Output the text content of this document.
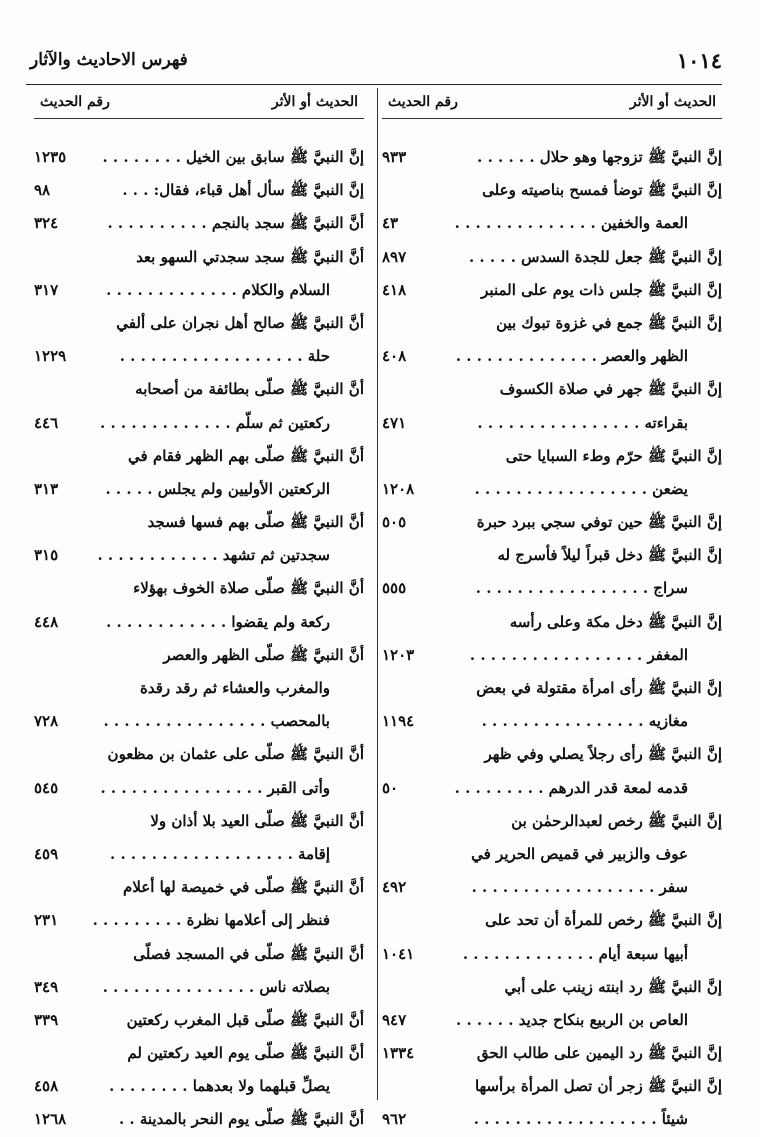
١٠١٤
فهرس الاحاديث والآثار
الحديث أو الأثر
رقم الحديث
إنَّ النبيَّ ﷺ تزوجها وهو حلال . . . . . .
٩٣٣
إنَّ النبيَّ ﷺ توضأ فمسح بناصيته وعلى
العمة والخفين . . . . . . . . . . . . . .
٤٣
إنَّ النبيَّ ﷺ جعل للجدة السدس . . . . .
٨٩٧
إنَّ النبيَّ ﷺ جلس ذات يوم على المنبر
٤١٨
إنَّ النبيَّ ﷺ جمع في غزوة تبوك بين
الظهر والعصر . . . . . . . . . . . . . .
٤٠٨
إنَّ النبيَّ ﷺ جهر في صلاة الكسوف
بقراءته . . . . . . . . . . . . . . . .
٤٧١
إنَّ النبيَّ ﷺ حرّم وطء السبايا حتى
يضعن . . . . . . . . . . . . . . . . .
١٢٠٨
إنَّ النبيَّ ﷺ حين توفي سجي ببرد حبرة
٥٠٥
إنَّ النبيَّ ﷺ دخل قبراً ليلاً فأسرج له
سراج . . . . . . . . . . . . . . . . .
٥٥٥
إنَّ النبيَّ ﷺ دخل مكة وعلى رأسه
المغفر . . . . . . . . . . . . . . . . .
١٢٠٣
إنَّ النبيَّ ﷺ رأى امرأة مقتولة في بعض
مغازيه . . . . . . . . . . . . . . . .
١١٩٤
إنَّ النبيَّ ﷺ رأى رجلاً يصلي وفي ظهر
قدمه لمعة قدر الدرهم . . . . . . . . .
٥٠
إنَّ النبيَّ ﷺ رخص لعبدالرحمٰن بن
عوف والزبير في قميص الحرير في
سفر . . . . . . . . . . . . . . . . . .
٤٩٢
إنَّ النبيَّ ﷺ رخص للمرأة أن تحد على
أبيها سبعة أيام . . . . . . . . . . . . .
١٠٤١
إنَّ النبيَّ ﷺ رد ابنته زينب على أبي
العاص بن الربيع بنكاح جديد . . . . . .
٩٤٧
إنَّ النبيَّ ﷺ رد اليمين على طالب الحق
١٣٣٤
إنَّ النبيَّ ﷺ زجر أن تصل المرأة برأسها
شيئاً . . . . . . . . . . . . . . . . . .
٩٦٢
الحديث أو الأثر
رقم الحديث
إنَّ النبيَّ ﷺ سابق بين الخيل . . . . . . . .
١٢٣٥
إنَّ النبيَّ ﷺ سأل أهل قباء، فقال: . . .
٩٨
أنَّ النبيَّ ﷺ سجد بالنجم . . . . . . . . . .
٣٢٤
أنَّ النبيَّ ﷺ سجد سجدتي السهو بعد
السلام والكلام . . . . . . . . . . . . .
٣١٧
أنَّ النبيَّ ﷺ صالح أهل نجران على ألفي
حلة . . . . . . . . . . . . . . . . . .
١٢٢٩
أنَّ النبيَّ ﷺ صلّى بطائفة من أصحابه
ركعتين ثم سلّم . . . . . . . . . . . . .
٤٤٦
أنَّ النبيَّ ﷺ صلّى بهم الظهر فقام في
الركعتين الأوليين ولم يجلس . . . . .
٣١٣
أنَّ النبيَّ ﷺ صلّى بهم فسها فسجد
سجدتين ثم تشهد . . . . . . . . . . . .
٣١٥
أنَّ النبيَّ ﷺ صلّى صلاة الخوف بهؤلاء
ركعة ولم يقضوا . . . . . . . . . . . .
٤٤٨
أنَّ النبيَّ ﷺ صلّى الظهر والعصر
والمغرب والعشاء ثم رقد رقدة
بالمحصب . . . . . . . . . . . . . . . .
٧٢٨
أنَّ النبيَّ ﷺ صلّى على عثمان بن مظعون
وأتى القبر . . . . . . . . . . . . . . . .
٥٤٥
أنَّ النبيَّ ﷺ صلّى العيد بلا أذان ولا
إقامة . . . . . . . . . . . . . . . . . .
٤٥٩
أنَّ النبيَّ ﷺ صلّى في خميصة لها أعلام
فنظر إلى أعلامها نظرة . . . . . . . . .
٢٣١
أنَّ النبيَّ ﷺ صلّى في المسجد فصلّى
بصلاته ناس . . . . . . . . . . . . . . .
٣٤٩
أنَّ النبيَّ ﷺ صلّى قبل المغرب ركعتين
٣٣٩
أنَّ النبيَّ ﷺ صلّى يوم العيد ركعتين لم
يصلِّ قبلهما ولا بعدهما . . . . . . . .
٤٥٨
أنَّ النبيَّ ﷺ صلّى يوم النحر بالمدينة . .
١٢٦٨
